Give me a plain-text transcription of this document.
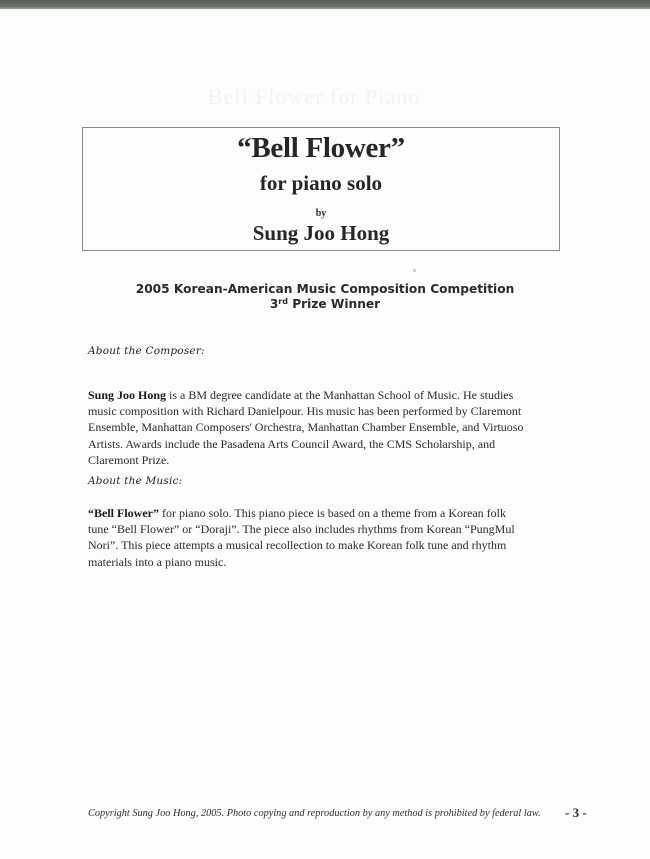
Bell Flower for Piano
“Bell Flower”
for piano solo
by
Sung Joo Hong
2005 Korean-American Music Composition Competition
3rd Prize Winner
About the Composer:
Sung Joo Hong is a BM degree candidate at the Manhattan School of Music. He studies
music composition with Richard Danielpour. His music has been performed by Claremont
Ensemble, Manhattan Composers' Orchestra, Manhattan Chamber Ensemble, and Virtuoso
Artists. Awards include the Pasadena Arts Council Award, the CMS Scholarship, and
Claremont Prize.
About the Music:
“Bell Flower” for piano solo. This piano piece is based on a theme from a Korean folk
tune “Bell Flower” or “Doraji”. The piece also includes rhythms from Korean “PungMul
Nori”. This piece attempts a musical recollection to make Korean folk tune and rhythm
materials into a piano music.
Copyright Sung Joo Hong, 2005. Photo copying and reproduction by any method is prohibited by federal law. - 3 -
